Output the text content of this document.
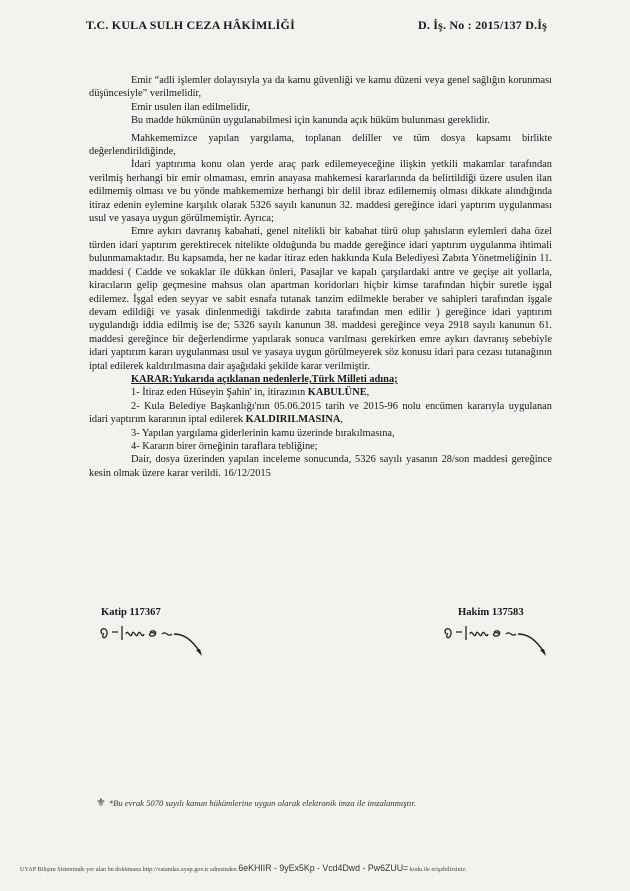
T.C. KULA SULH CEZA HÂKİMLİĞİ	D. İş. No : 2015/137 D.İş

Emir “adli işlemler dolayısıyla ya da kamu güvenliği ve kamu düzeni veya genel sağlığın korunması düşüncesiyle” verilmelidir,

Emir usulen ilan edilmelidir,

Bu madde hükmünün uygulanabilmesi için kanunda açık hüküm bulunması gereklidir.

Mahkememizce yapılan yargılama, toplanan deliller ve tüm dosya kapsamı birlikte değerlendirildiğinde,

İdari yaptırıma konu olan yerde araç park edilemeyeceğine ilişkin yetkili makamlar tarafından verilmiş herhangi bir emir olmaması, emrin anayasa mahkemesi kararlarında da belirtildiği üzere usulen ilan edilmemiş olması ve bu yönde mahkememize herhangi bir delil ibraz edilememiş olması dikkate alındığında itiraz edenin eylemine karşılık olarak 5326 sayılı kanunun 32. maddesi gereğince idari yaptırım uygulanması usul ve yasaya uygun görülmemiştir. Ayrıca;

Emre aykırı davranış kabahati, genel nitelikli bir kabahat türü olup şahısların eylemleri daha özel türden idari yaptırım gerektirecek nitelikte olduğunda bu madde gereğince idari yaptırım uygulanma ihtimali bulunmamaktadır. Bu kapsamda, her ne kadar itiraz eden hakkında Kula Belediyesi Zabıta Yönetmeliğinin 11. maddesi ( Cadde ve sokaklar ile dükkan önleri, Pasajlar ve kapalı çarşılardaki antre ve geçişe ait yollarla, kiracıların gelip geçmesine mahsus olan apartman koridorları hiçbir kimse tarafından hiçbir suretle işgal edilemez. İşgal eden seyyar ve sabit esnafa tutanak tanzim edilmekle beraber ve sahipleri tarafından işgale devam edildiği ve yasak dinlenmediği takdirde zabıta tarafından men edilir ) gereğince idari yaptırım uygulandığı iddia edilmiş ise de; 5326 sayılı kanunun 38. maddesi gereğince veya 2918 sayılı kanunun 61. maddesi gereğince bir değerlendirme yapılarak sonuca varılması gerekirken emre aykırı davranış sebebiyle idari yaptırım kararı uygulanması usul ve yasaya uygun görülmeyerek söz konusu idari para cezası tutanağının iptal edilerek kaldırılmasına dair aşağıdaki şekilde karar verilmiştir.

KARAR:Yukarıda açıklanan nedenlerle,Türk Milleti adına;

1- İtiraz eden Hüseyin Şahin' in, itirazının KABULÜNE,

2- Kula Belediye Başkanlığı'nın 05.06.2015 tarih ve 2015-96 nolu encümen kararıyla uygulanan idari yaptırım kararının iptal edilerek KALDIRILMASINA,

3- Yapılan yargılama giderlerinin kamu üzerinde bırakılmasına,

4- Kararın birer örneğinin taraflara tebliğine;

Dair, dosya üzerinden yapılan inceleme sonucunda, 5326 sayılı yasanın 28/son maddesi gereğince kesin olmak üzere karar verildi. 16/12/2015

Katip 117367	Hakim 137583
⚜ *Bu evrak 5070 sayılı kanun hükümlerine uygun olarak elektronik imza ile imzalanmıştır.
UYAP Bilişim Sisteminde yer alan bu dokümana http://vatandas.uyap.gov.tr adresinden 6eKHIIR - 9yEx5Kp - Vcd4Dwd - Pw6ZUU= kodu ile erişebilirsiniz.
